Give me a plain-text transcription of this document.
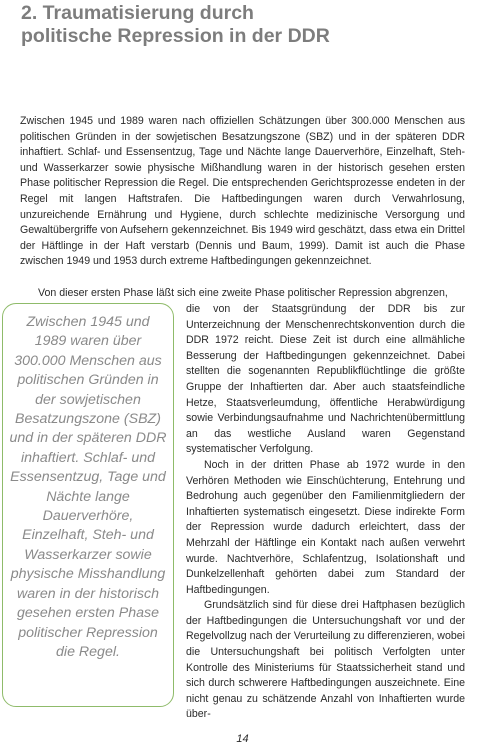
2. Traumatisierung durch
politische Repression in der DDR

Zwischen 1945 und 1989 waren nach offiziellen Schätzungen über 300.000 Menschen aus politischen Gründen in der sowjetischen Besatzungszone (SBZ) und in der späteren DDR inhaftiert. Schlaf- und Essensentzug, Tage und Nächte lange Dauerverhöre, Einzelhaft, Steh- und Wasserkarzer sowie physische Mißhandlung waren in der historisch gesehen ersten Phase politischer Repression die Regel. Die entsprechenden Gerichtsprozesse endeten in der Regel mit langen Haftstrafen. Die Haftbedingungen waren durch Verwahrlosung, unzureichende Ernährung und Hygiene, durch schlechte medizinische Versorgung und Gewaltübergriffe von Aufsehern gekennzeichnet. Bis 1949 wird geschätzt, dass etwa ein Drittel der Häftlinge in der Haft verstarb (Dennis und Baum, 1999). Damit ist auch die Phase zwischen 1949 und 1953 durch extreme Haftbedingungen gekennzeichnet.

Von dieser ersten Phase läßt sich eine zweite Phase politischer Repression abgrenzen,

die von der Staatsgründung der DDR bis zur Unterzeichnung der Menschenrechtskonvention durch die DDR 1972 reicht. Diese Zeit ist durch eine allmähliche Besserung der Haftbedingungen gekennzeichnet. Dabei stellten die sogenannten Republikflüchtlinge die größte Gruppe der Inhaftierten dar. Aber auch staatsfeindliche Hetze, Staatsverleumdung, öffentliche Herabwürdigung sowie Verbindungsaufnahme und Nachrichtenübermittlung an das westliche Ausland waren Gegenstand systematischer Verfolgung.

Noch in der dritten Phase ab 1972 wurde in den Verhören Methoden wie Einschüchterung, Entehrung und Bedrohung auch gegenüber den Familienmitgliedern der Inhaftierten systematisch eingesetzt. Diese indirekte Form der Repression wurde dadurch erleichtert, dass der Mehrzahl der Häftlinge ein Kontakt nach außen verwehrt wurde. Nachtverhöre, Schlafentzug, Isolationshaft und Dunkelzellenhaft gehörten dabei zum Standard der Haftbedingungen.

Grundsätzlich sind für diese drei Haftphasen bezüglich der Haftbedingungen die Untersuchungshaft vor und der Regelvollzug nach der Verurteilung zu differenzieren, wobei die Untersuchungshaft bei politisch Verfolgten unter Kontrolle des Ministeriums für Staatssicherheit stand und sich durch schwerere Haftbedingungen auszeichnete. Eine nicht genau zu schätzende Anzahl von Inhaftierten wurde über-

Zwischen 1945 und 1989 waren über 300.000 Menschen aus politischen Gründen in der sowjetischen Besatzungszone (SBZ) und in der späteren DDR inhaftiert. Schlaf- und Essensentzug, Tage und Nächte lange Dauerverhöre, Einzelhaft, Steh- und Wasserkarzer sowie physische Misshandlung waren in der historisch gesehen ersten Phase politischer Repression die Regel.

14
